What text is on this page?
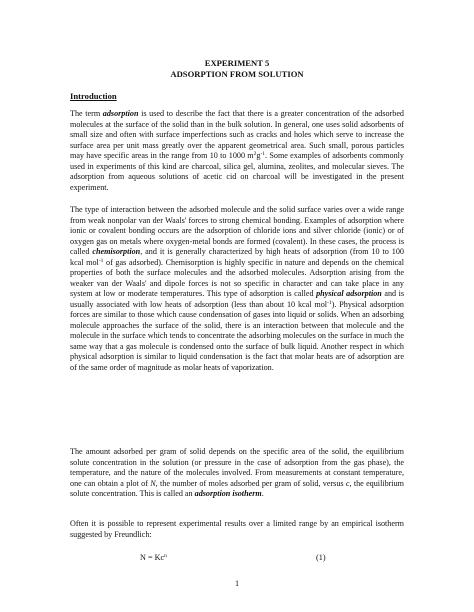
EXPERIMENT 5
ADSORPTION FROM SOLUTION
Introduction

The term adsorption is used to describe the fact that there is a greater concentration of the adsorbed molecules at the surface of the solid than in the bulk solution. In general, one uses solid adsorbents of small size and often with surface imperfections such as cracks and holes which serve to increase the surface area per unit mass greatly over the apparent geometrical area. Such small, porous particles may have specific areas in the range from 10 to 1000 $m^2g^{-1}$. Some examples of adsorbents commonly used in experiments of this kind are charcoal, silica gel, alumina, zeolites, and molecular sieves. The adsorption from aqueous solutions of acetic cid on charcoal will be investigated in the present experiment.

The type of interaction between the adsorbed molecule and the solid surface varies over a wide range from weak nonpolar van der Waals' forces to strong chemical bonding. Examples of adsorption where ionic or covalent bonding occurs are the adsorption of chloride ions and silver chloride (ionic) or of oxygen gas on metals where oxygen-metal bonds are formed (covalent). In these cases, the process is called chemisorption, and it is generally characterized by high heats of adsorption (from 10 to 100 kcal mol$^{-1}$ of gas adsorbed). Chemisorption is highly specific in nature and depends on the chemical properties of both the surface molecules and the adsorbed molecules. Adsorption arising from the weaker van der Waals' and dipole forces is not so specific in character and can take place in any system at low or moderate temperatures. This type of adsorption is called physical adsorption and is usually associated with low heats of adsorption (less than about 10 kcal mol$^{-1}$). Physical adsorption forces are similar to those which cause condensation of gases into liquid or solids. When an adsorbing molecule approaches the surface of the solid, there is an interaction between that molecule and the molecule in the surface which tends to concentrate the adsorbing molecules on the surface in much the same way that a gas molecule is condensed onto the surface of bulk liquid. Another respect in which physical adsorption is similar to liquid condensation is the fact that molar heats are of adsorption are of the same order of magnitude as molar heats of vaporization.

The amount adsorbed per gram of solid depends on the specific area of the solid, the equilibrium solute concentration in the solution (or pressure in the case of adsorption from the gas phase), the temperature, and the nature of the molecules involved. From measurements at constant temperature, one can obtain a plot of N, the number of moles adsorbed per gram of solid, versus c, the equilibrium solute concentration. This is called an adsorption isotherm.

Often it is possible to represent experimental results over a limited range by an empirical isotherm suggested by Freundlich:

$N = Kc^n$	(1)
1
